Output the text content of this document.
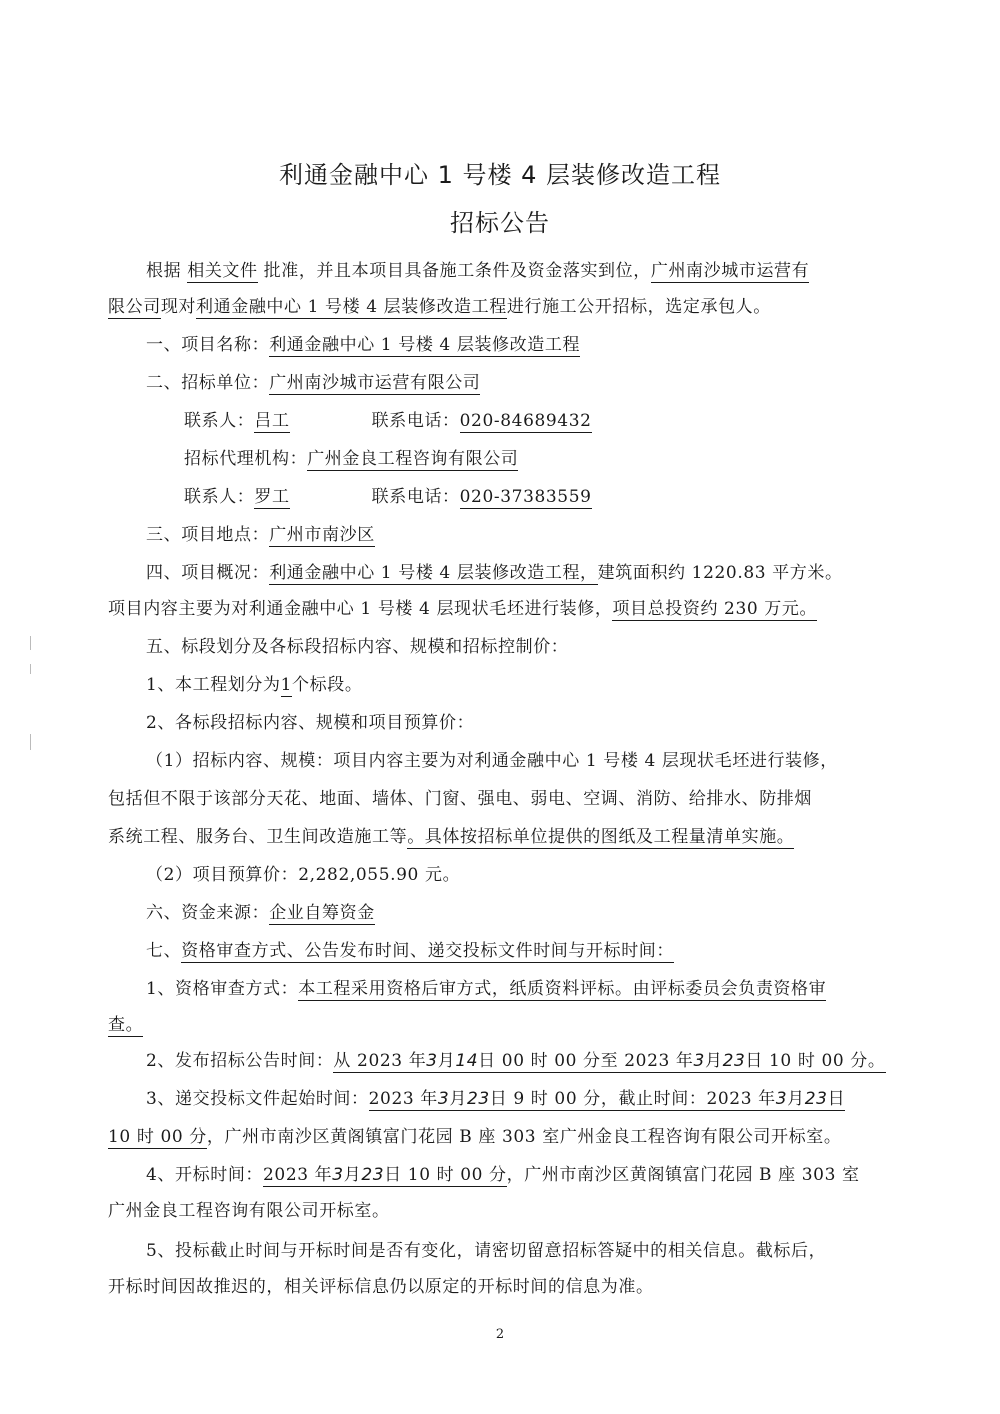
利通金融中心 1 号楼 4 层装修改造工程
招标公告
根据 相关文件 批准，并且本项目具备施工条件及资金落实到位，广州南沙城市运营有
限公司现对利通金融中心 1 号楼 4 层装修改造工程进行施工公开招标，选定承包人。
一、项目名称：利通金融中心 1 号楼 4 层装修改造工程
二、招标单位：广州南沙城市运营有限公司
联系人：吕工	联系电话：020-84689432
招标代理机构：广州金良工程咨询有限公司
联系人：罗工	联系电话：020-37383559
三、项目地点：广州市南沙区
四、项目概况：利通金融中心 1 号楼 4 层装修改造工程，建筑面积约 1220.83 平方米。
项目内容主要为对利通金融中心 1 号楼 4 层现状毛坯进行装修，项目总投资约 230 万元。
五、标段划分及各标段招标内容、规模和招标控制价：
1、本工程划分为1个标段。
2、各标段招标内容、规模和项目预算价：
（1）招标内容、规模：项目内容主要为对利通金融中心 1 号楼 4 层现状毛坯进行装修，
包括但不限于该部分天花、地面、墙体、门窗、强电、弱电、空调、消防、给排水、防排烟
系统工程、服务台、卫生间改造施工等。具体按招标单位提供的图纸及工程量清单实施。
（2）项目预算价：2,282,055.90 元。
六、资金来源：企业自筹资金
七、资格审查方式、公告发布时间、递交投标文件时间与开标时间：
1、资格审查方式：本工程采用资格后审方式，纸质资料评标。由评标委员会负责资格审
查。
2、发布招标公告时间：从 2023 年3月14日 00 时 00 分至 2023 年3月23日 10 时 00 分。
3、递交投标文件起始时间：2023 年3月23日 9 时 00 分，截止时间：2023 年3月23日
10 时 00 分，广州市南沙区黄阁镇富门花园 B 座 303 室广州金良工程咨询有限公司开标室。
4、开标时间：2023 年3月23日 10 时 00 分，广州市南沙区黄阁镇富门花园 B 座 303 室
广州金良工程咨询有限公司开标室。
5、投标截止时间与开标时间是否有变化，请密切留意招标答疑中的相关信息。截标后，
开标时间因故推迟的，相关评标信息仍以原定的开标时间的信息为准。
2
